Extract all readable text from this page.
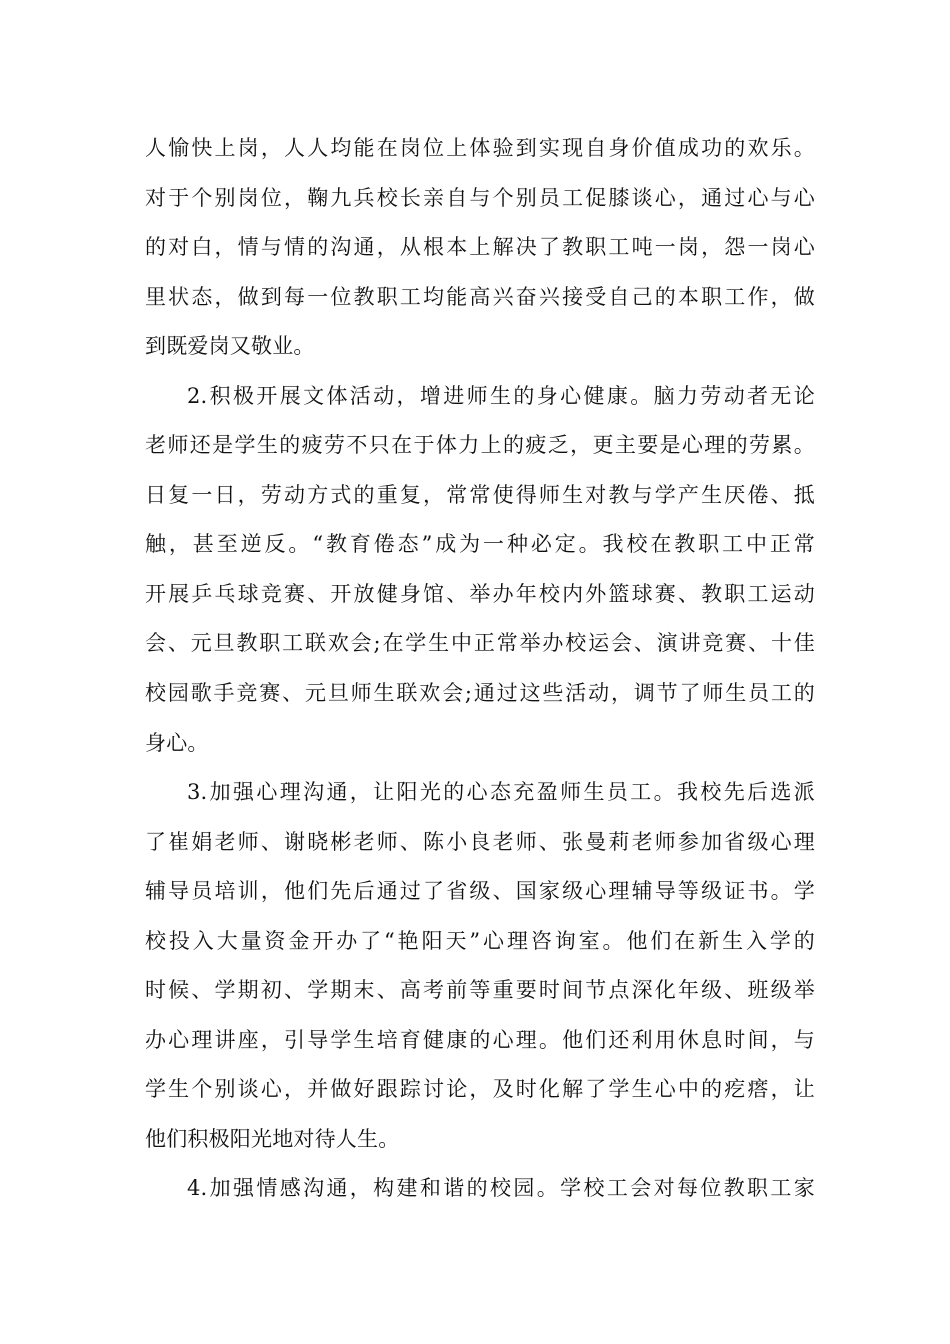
人愉快上岗，人人均能在岗位上体验到实现自身价值成功的欢乐。
对于个别岗位，鞠九兵校长亲自与个别员工促膝谈心，通过心与心
的对白，情与情的沟通，从根本上解决了教职工吨一岗，怨一岗心
里状态，做到每一位教职工均能高兴奋兴接受自己的本职工作，做
到既爱岗又敬业。
2.积极开展文体活动，增进师生的身心健康。脑力劳动者无论
老师还是学生的疲劳不只在于体力上的疲乏，更主要是心理的劳累。
日复一日，劳动方式的重复，常常使得师生对教与学产生厌倦、抵
触，甚至逆反。“教育倦态”成为一种必定。我校在教职工中正常
开展乒乓球竞赛、开放健身馆、举办年校内外篮球赛、教职工运动
会、元旦教职工联欢会;在学生中正常举办校运会、演讲竞赛、十佳
校园歌手竞赛、元旦师生联欢会;通过这些活动，调节了师生员工的
身心。
3.加强心理沟通，让阳光的心态充盈师生员工。我校先后选派
了崔娟老师、谢晓彬老师、陈小良老师、张曼莉老师参加省级心理
辅导员培训，他们先后通过了省级、国家级心理辅导等级证书。学
校投入大量资金开办了“艳阳天”心理咨询室。他们在新生入学的
时候、学期初、学期末、高考前等重要时间节点深化年级、班级举
办心理讲座，引导学生培育健康的心理。他们还利用休息时间，与
学生个别谈心，并做好跟踪讨论，及时化解了学生心中的疙瘩，让
他们积极阳光地对待人生。
4.加强情感沟通，构建和谐的校园。学校工会对每位教职工家
